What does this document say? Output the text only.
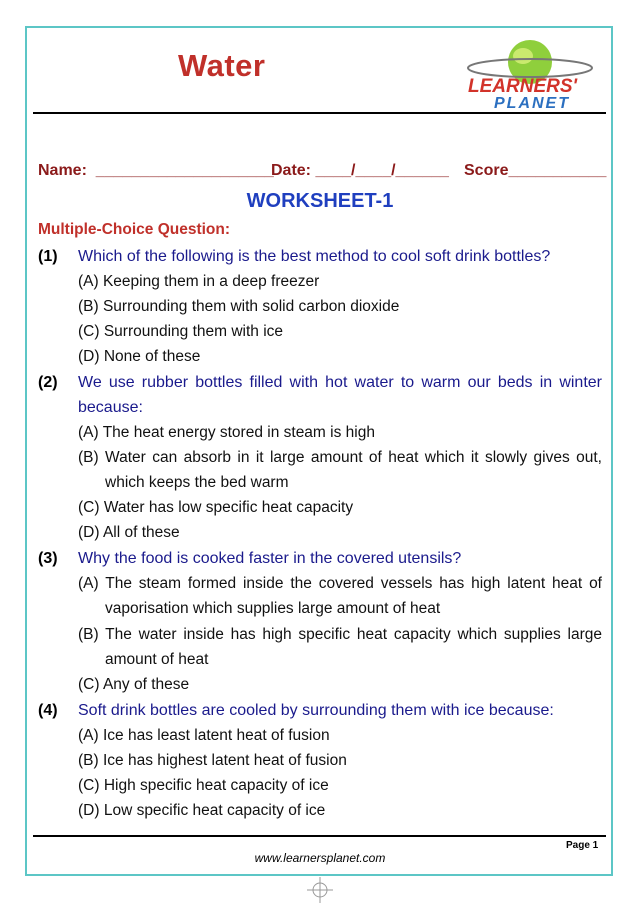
Water
LEARNERS'
PLANET

Name:  ____________________

Date: ____/____/______

Score___________

WORKSHEET-1
Multiple-Choice Question:
(1) Which of the following is the best method to cool soft drink bottles?
(A) Keeping them in a deep freezer
(B) Surrounding them with solid carbon dioxide
(C) Surrounding them with ice
(D) None of these
(2) We use rubber bottles filled with hot water to warm our beds in winter because:
(A) The heat energy stored in steam is high
(B) Water can absorb in it large amount of heat which it slowly gives out, which keeps the bed warm
(C) Water has low specific heat capacity
(D) All of these
(3) Why the food is cooked faster in the covered utensils?
(A) The steam formed inside the covered vessels has high latent heat of vaporisation which supplies large amount of heat
(B) The water inside has high specific heat capacity which supplies large amount of heat
(C) Any of these
(4) Soft drink bottles are cooled by surrounding them with ice because:
(A) Ice has least latent heat of fusion
(B) Ice has highest latent heat of fusion
(C) High specific heat capacity of ice
(D) Low specific heat capacity of ice
Page 1
www.learnersplanet.com
